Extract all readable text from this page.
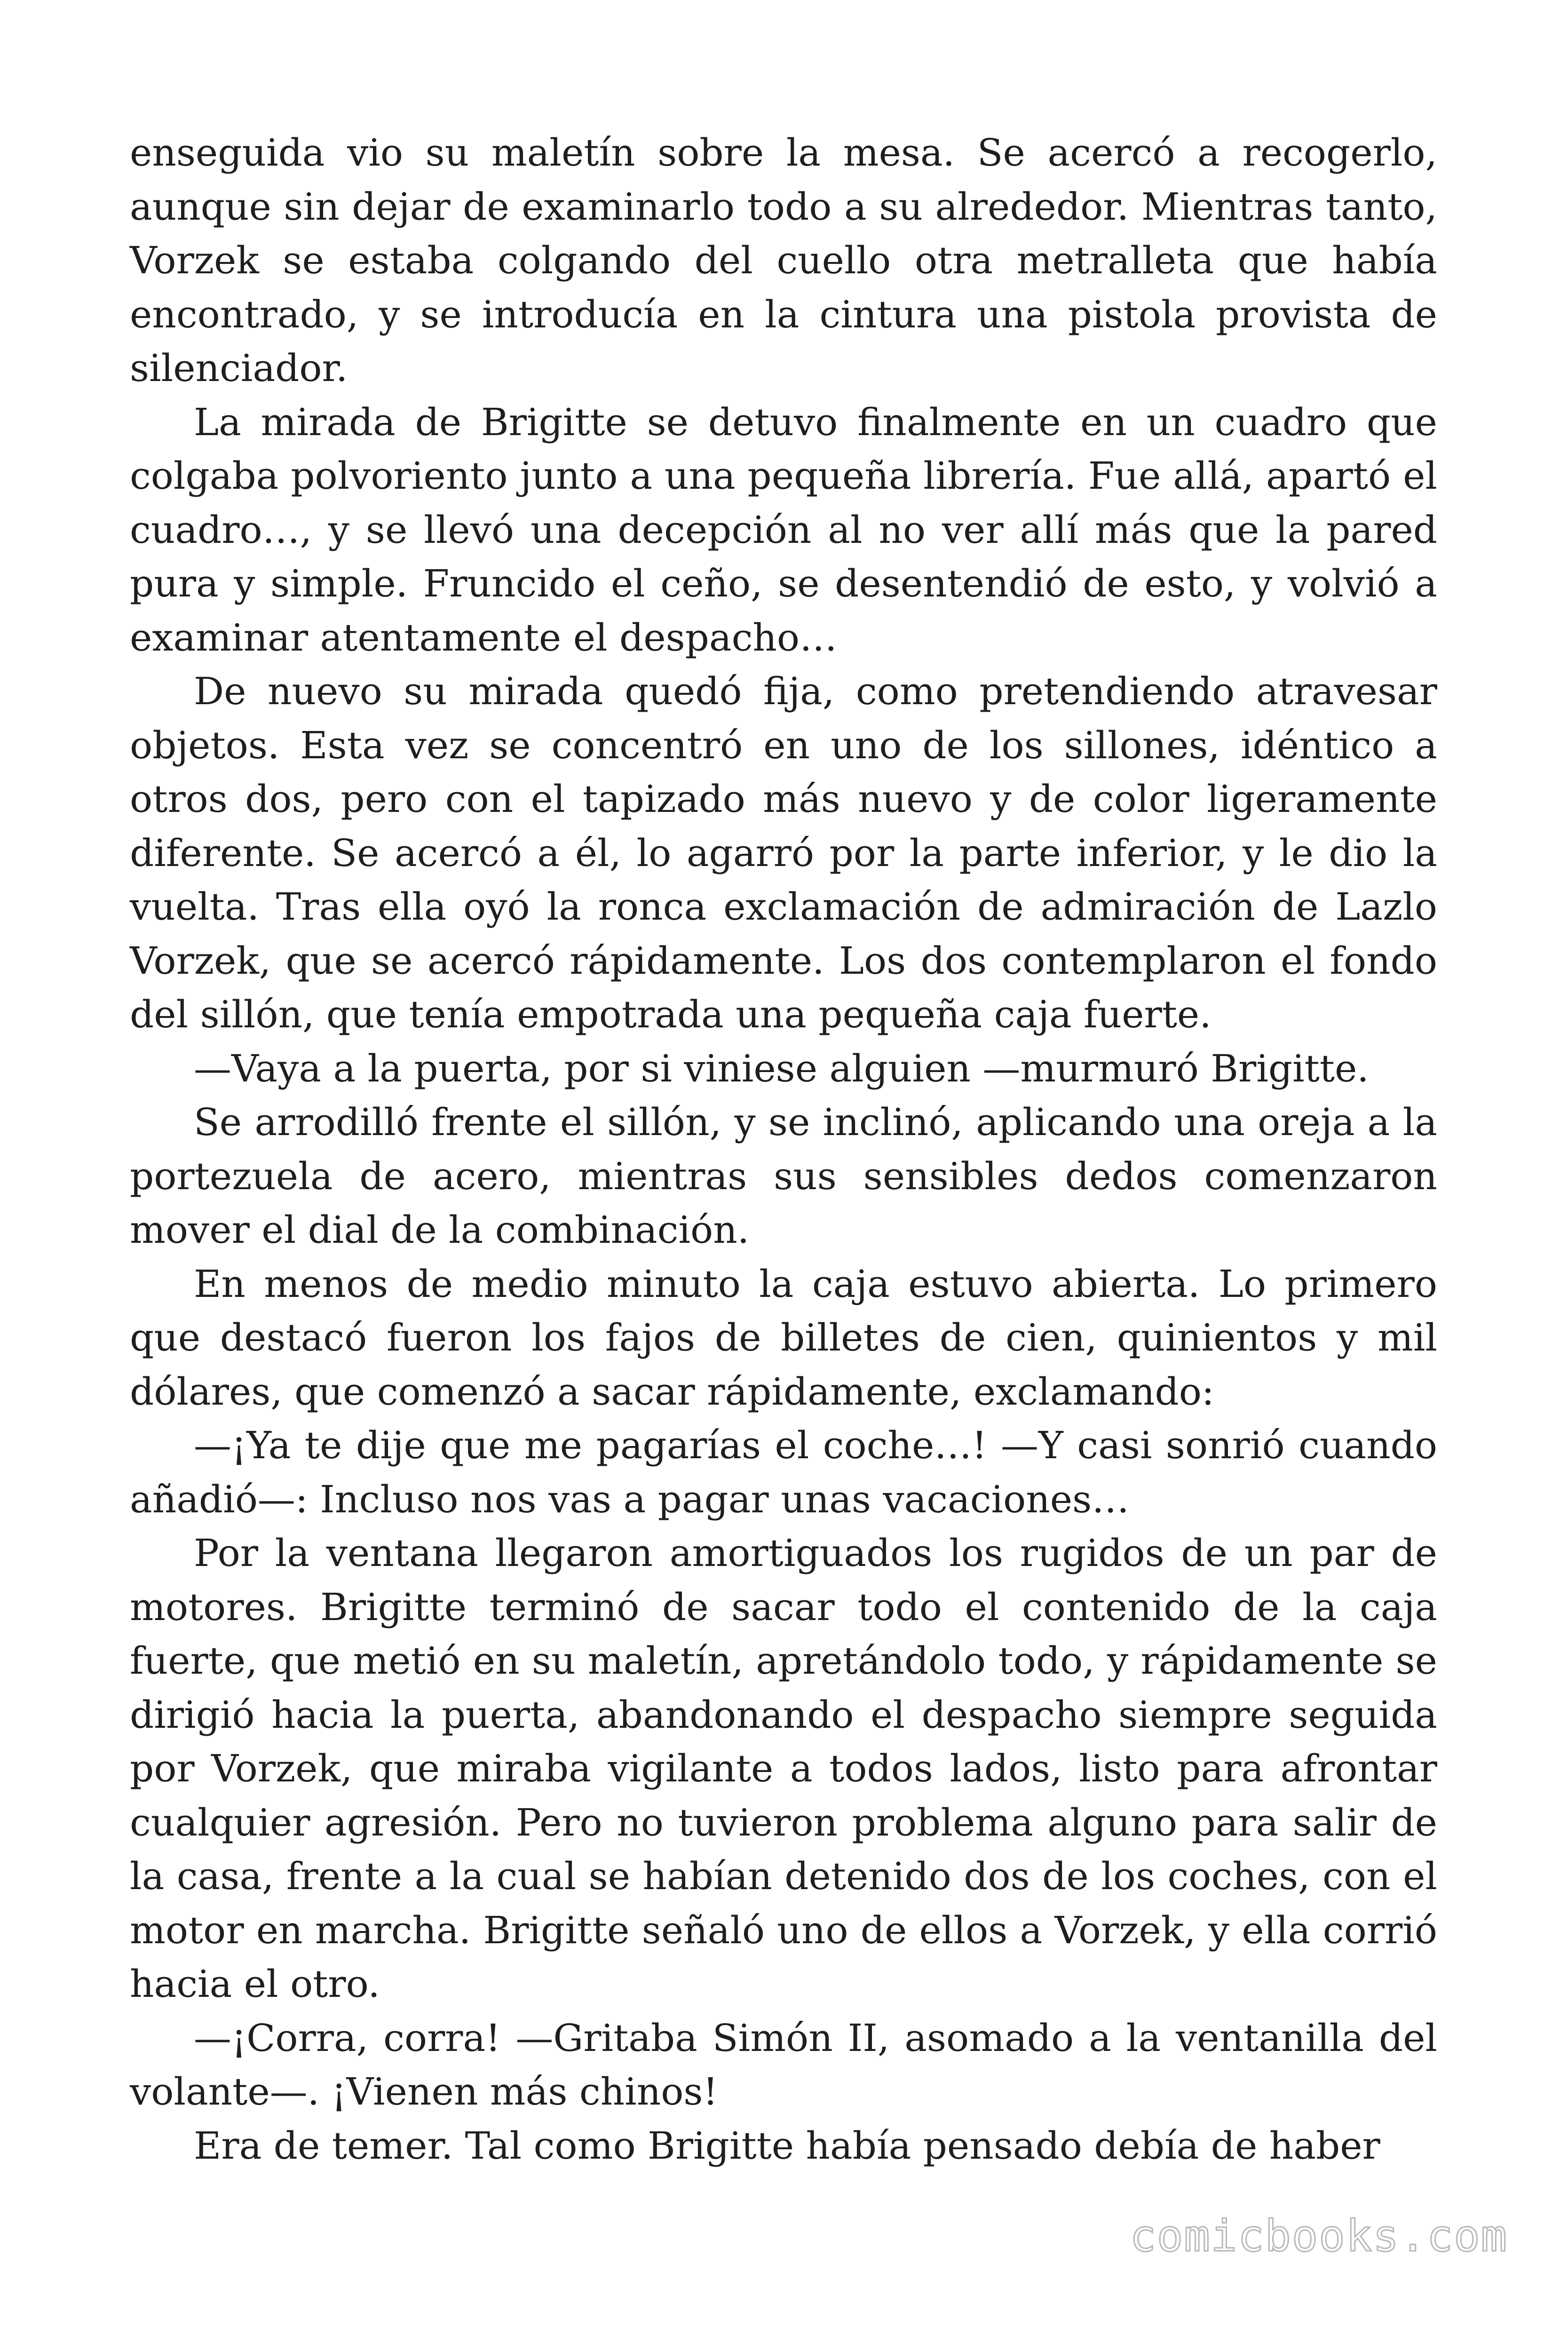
enseguida vio su maletín sobre la mesa. Se acercó a recogerlo, aunque sin dejar de examinarlo todo a su alrededor. Mientras tanto, Vorzek se estaba colgando del cuello otra metralleta que había encontrado, y se introducía en la cintura una pistola provista de silenciador.

La mirada de Brigitte se detuvo finalmente en un cuadro que colgaba polvoriento junto a una pequeña librería. Fue allá, apartó el cuadro…, y se llevó una decepción al no ver allí más que la pared pura y simple. Fruncido el ceño, se desentendió de esto, y volvió a examinar atentamente el despacho…

De nuevo su mirada quedó fija, como pretendiendo atravesar objetos. Esta vez se concentró en uno de los sillones, idéntico a otros dos, pero con el tapizado más nuevo y de color ligeramente diferente. Se acercó a él, lo agarró por la parte inferior, y le dio la vuelta. Tras ella oyó la ronca exclamación de admiración de Lazlo Vorzek, que se acercó rápidamente. Los dos contemplaron el fondo del sillón, que tenía empotrada una pequeña caja fuerte.

—Vaya a la puerta, por si viniese alguien —murmuró Brigitte.

Se arrodilló frente el sillón, y se inclinó, aplicando una oreja a la portezuela de acero, mientras sus sensibles dedos comenzaron mover el dial de la combinación.

En menos de medio minuto la caja estuvo abierta. Lo primero que destacó fueron los fajos de billetes de cien, quinientos y mil dólares, que comenzó a sacar rápidamente, exclamando:

—¡Ya te dije que me pagarías el coche…! —Y casi sonrió cuando añadió—: Incluso nos vas a pagar unas vacaciones…

Por la ventana llegaron amortiguados los rugidos de un par de motores. Brigitte terminó de sacar todo el contenido de la caja fuerte, que metió en su maletín, apretándolo todo, y rápidamente se dirigió hacia la puerta, abandonando el despacho siempre seguida por Vorzek, que miraba vigilante a todos lados, listo para afrontar cualquier agresión. Pero no tuvieron problema alguno para salir de la casa, frente a la cual se habían detenido dos de los coches, con el motor en marcha. Brigitte señaló uno de ellos a Vorzek, y ella corrió hacia el otro.

—¡Corra, corra! —Gritaba Simón II, asomado a la ventanilla del volante—. ¡Vienen más chinos!

Era de temer. Tal como Brigitte había pensado debía de haber

comicbooks.com
